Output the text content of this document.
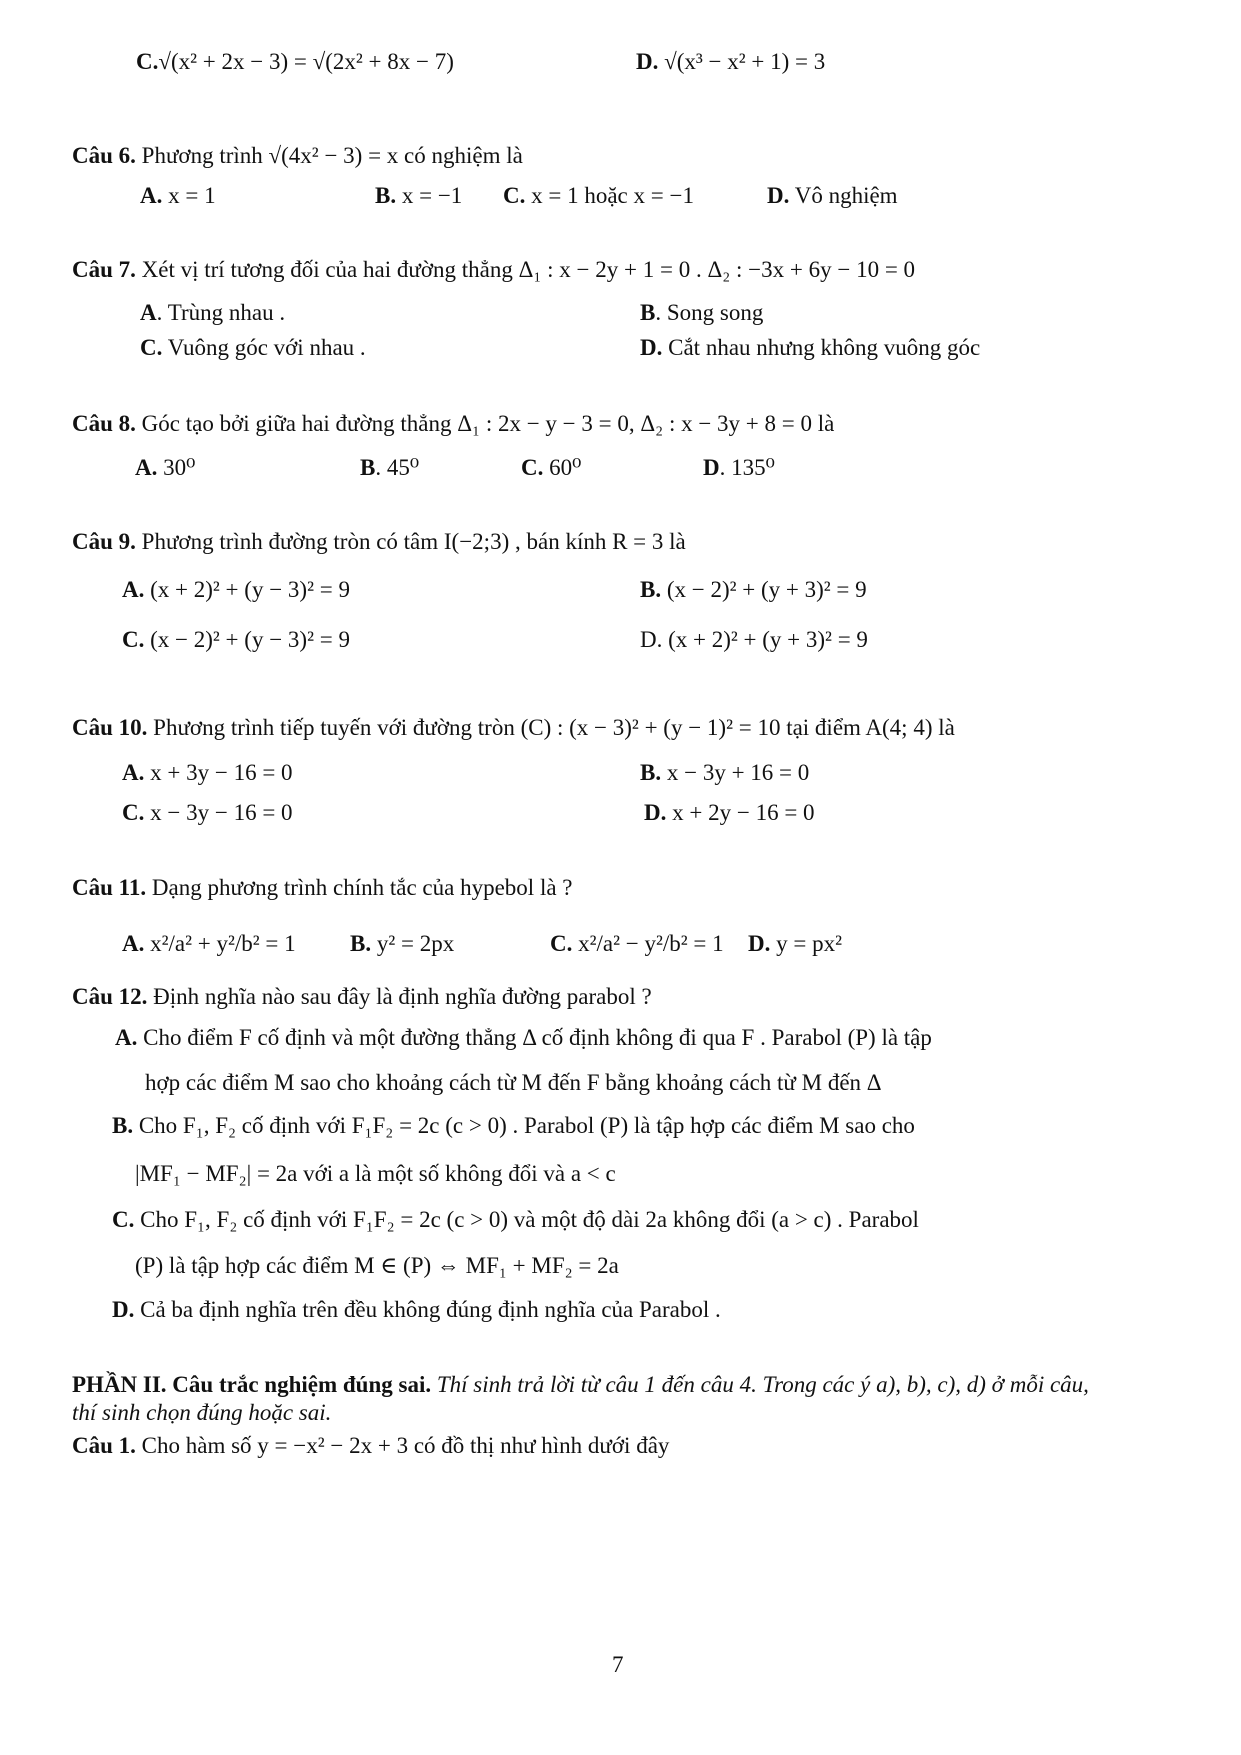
C.√(x² + 2x − 3) = √(2x² + 8x − 7)	D. √(x³ − x² + 1) = 3
Câu 6. Phương trình √(4x² − 3) = x có nghiệm là
A. x = 1	B. x = −1 C. x = 1 hoặc x = −1	D. Vô nghiệm
Câu 7. Xét vị trí tương đối của hai đường thẳng Δ₁ : x − 2y + 1 = 0 . Δ₂ : −3x + 6y − 10 = 0
A. Trùng nhau .	B. Song song
C. Vuông góc với nhau .	D. Cắt nhau nhưng không vuông góc
Câu 8. Góc tạo bởi giữa hai đường thẳng Δ₁ : 2x − y − 3 = 0, Δ₂ : x − 3y + 8 = 0 là
A. 30⁰	B. 45⁰	C. 60⁰	D. 135⁰
Câu 9. Phương trình đường tròn có tâm I(−2;3) , bán kính R = 3 là
A. (x + 2)² + (y − 3)² = 9	B. (x − 2)² + (y + 3)² = 9
C. (x − 2)² + (y − 3)² = 9	D. (x + 2)² + (y + 3)² = 9
Câu 10. Phương trình tiếp tuyến với đường tròn (C) : (x − 3)² + (y − 1)² = 10 tại điểm A(4; 4) là
A. x + 3y − 16 = 0	B. x − 3y + 16 = 0
C. x − 3y − 16 = 0	D. x + 2y − 16 = 0
Câu 11. Dạng phương trình chính tắc của hypebol là ?
A. x²/a² + y²/b² = 1 B. y² = 2px	C. x²/a² − y²/b² = 1 D. y = px²
Câu 12. Định nghĩa nào sau đây là định nghĩa đường parabol ?
A. Cho điểm F cố định và một đường thẳng Δ cố định không đi qua F . Parabol (P) là tập
hợp các điểm M sao cho khoảng cách từ M đến F bằng khoảng cách từ M đến Δ
B. Cho F₁, F₂ cố định với F₁F₂ = 2c (c > 0) . Parabol (P) là tập hợp các điểm M sao cho
|MF₁ − MF₂| = 2a với a là một số không đổi và a < c
C. Cho F₁, F₂ cố định với F₁F₂ = 2c (c > 0) và một độ dài 2a không đổi (a > c) . Parabol
(P) là tập hợp các điểm M ∈ (P) ⇔ MF₁ + MF₂ = 2a
D. Cả ba định nghĩa trên đều không đúng định nghĩa của Parabol .
PHẦN II. Câu trắc nghiệm đúng sai. Thí sinh trả lời từ câu 1 đến câu 4. Trong các ý a), b), c), d) ở mỗi câu,
thí sinh chọn đúng hoặc sai.
Câu 1. Cho hàm số y = −x² − 2x + 3 có đồ thị như hình dưới đây
7
